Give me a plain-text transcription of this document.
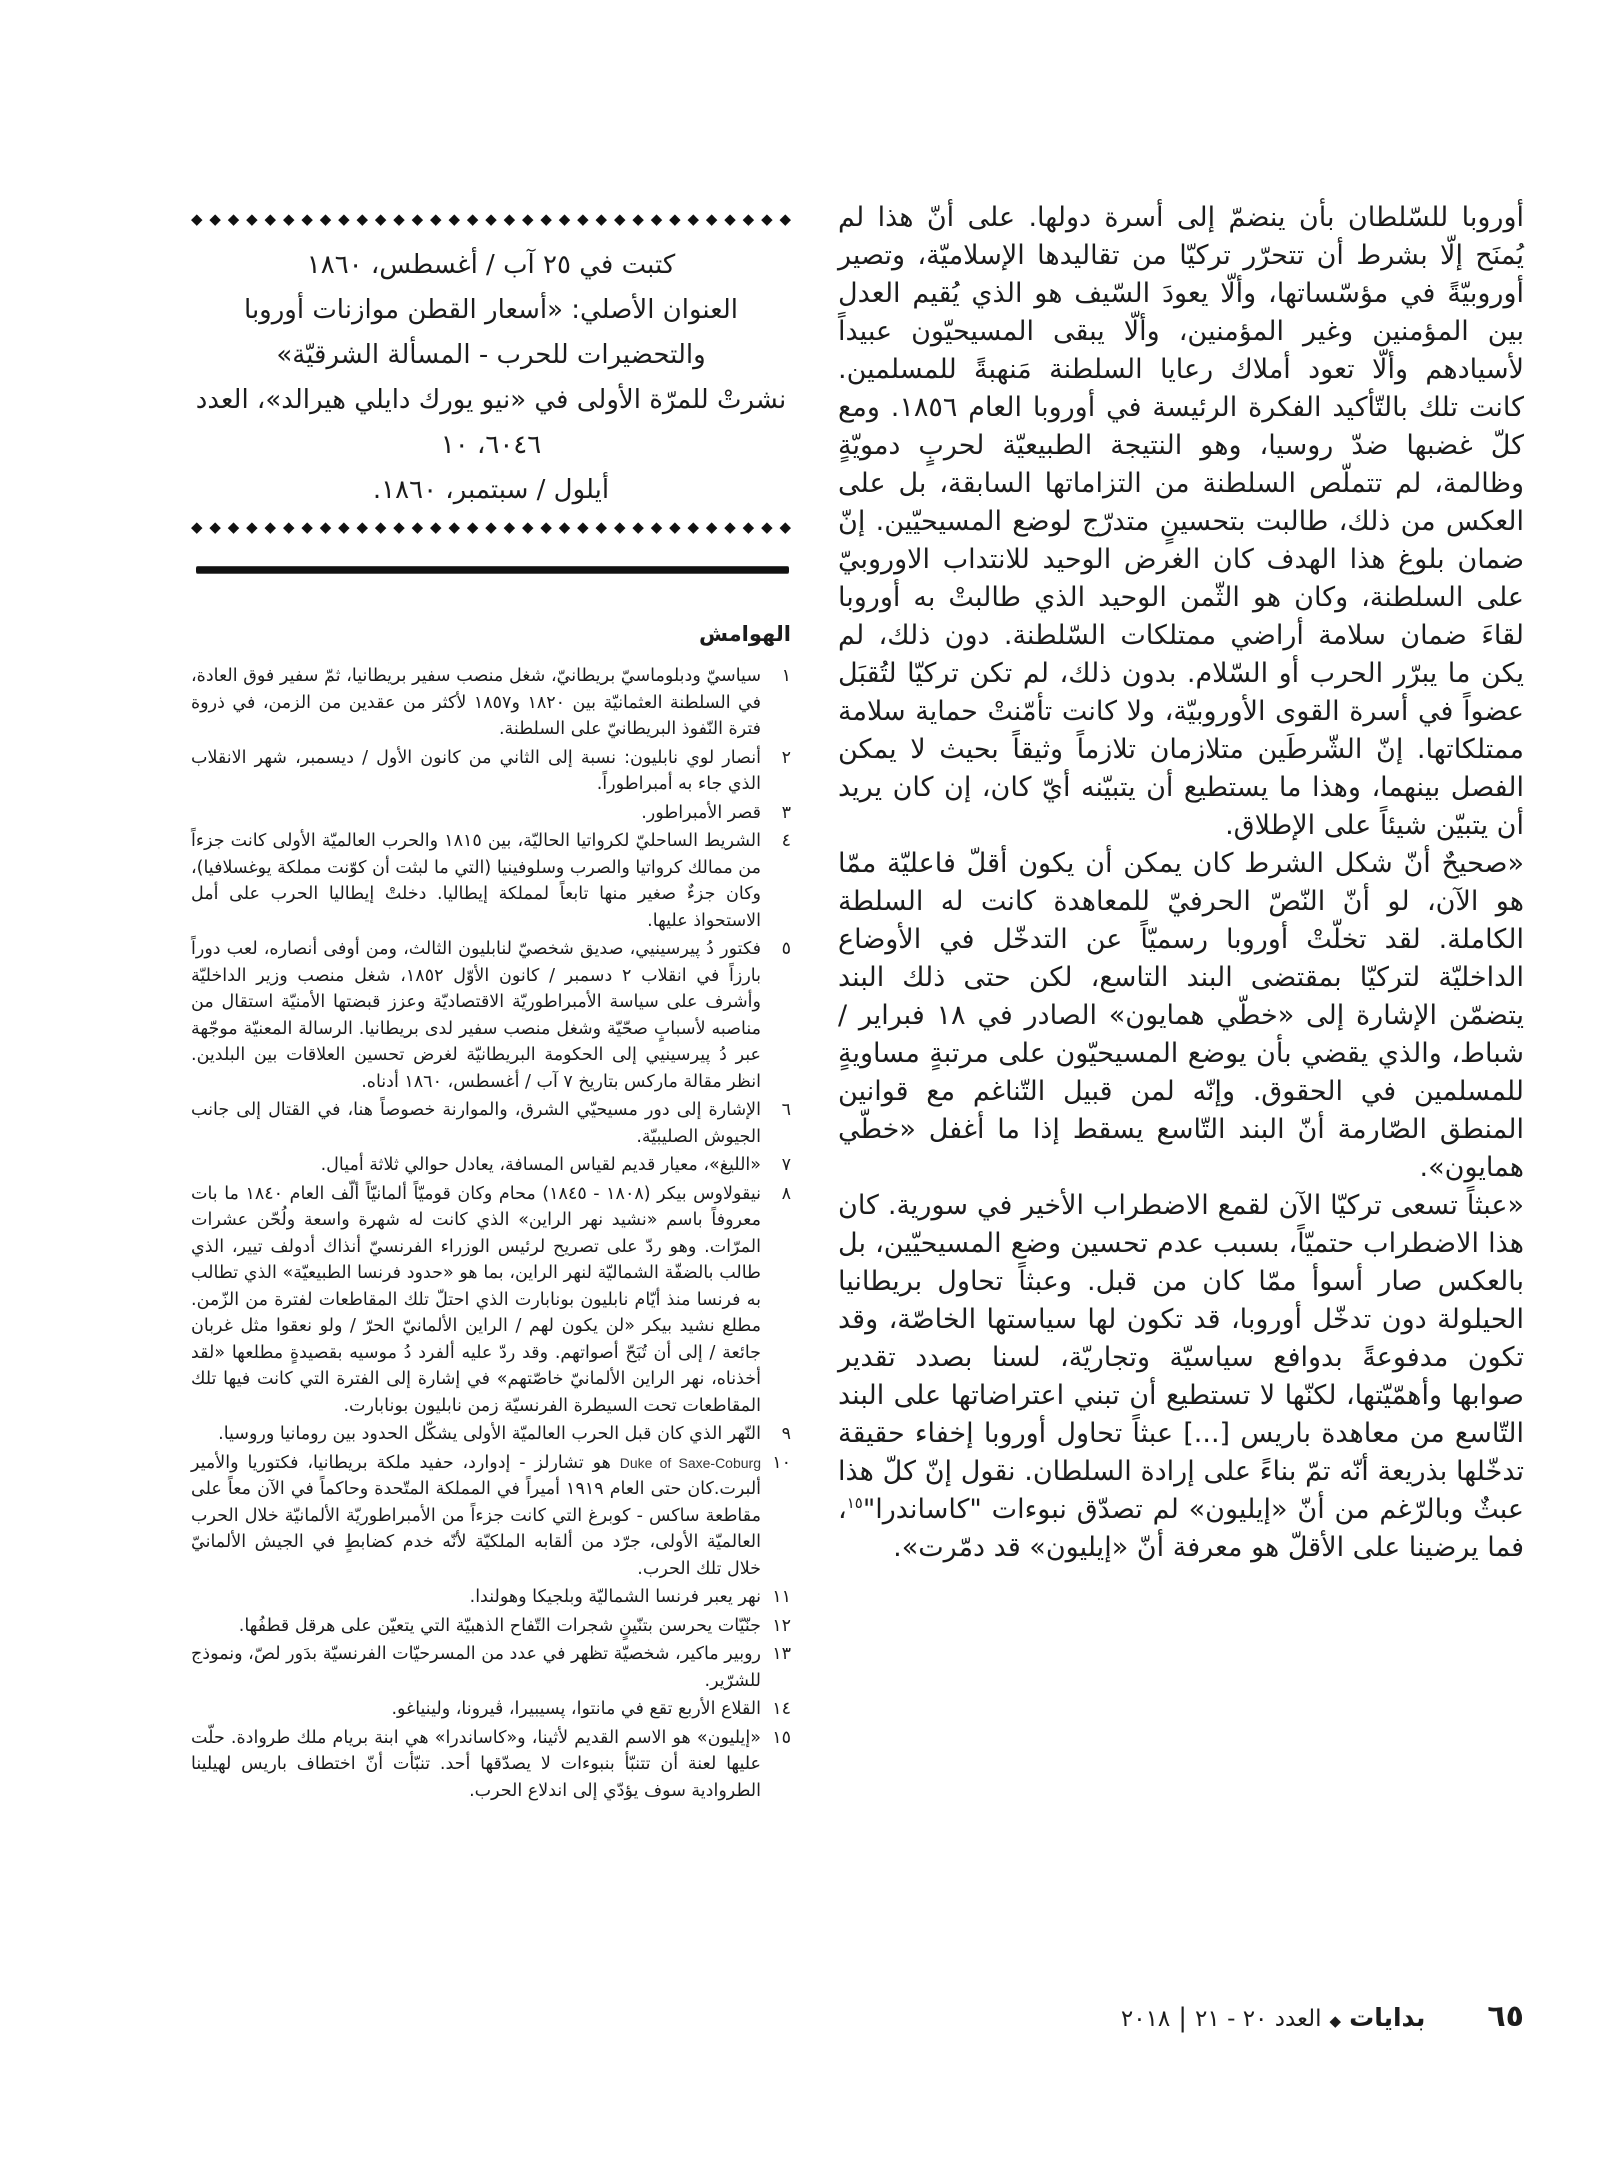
أوروبا للسّلطان بأن ينضمّ إلى أسرة دولها. على أنّ هذا لم يُمنَح إلّا بشرط أن تتحرّر تركيّا من تقاليدها الإسلاميّة، وتصير أوروبيّةً في مؤسّساتها، وألّا يعودَ السّيف هو الذي يُقيم العدل بين المؤمنين وغير المؤمنين، وألّا يبقى المسيحيّون عبيداً لأسيادهم وألّا تعود أملاك رعايا السلطنة مَنهبةً للمسلمين. كانت تلك بالتّأكيد الفكرة الرئيسة في أوروبا العام ١٨٥٦. ومع كلّ غضبها ضدّ روسيا، وهو النتيجة الطبيعيّة لحربٍ دمويّةٍ وظالمة، لم تتملّص السلطنة من التزاماتها السابقة، بل على العكس من ذلك، طالبت بتحسينٍ متدرّج لوضع المسيحيّين. إنّ ضمان بلوغ هذا الهدف كان الغرض الوحيد للانتداب الاوروبيّ على السلطنة، وكان هو الثّمن الوحيد الذي طالبتْ به أوروبا لقاءَ ضمان سلامة أراضي ممتلكات السّلطنة. دون ذلك، لم يكن ما يبرّر الحرب أو السّلام. بدون ذلك، لم تكن تركيّا لتُقبَل عضواً في أسرة القوى الأوروبيّة، ولا كانت تأمّنتْ حماية سلامة ممتلكاتها. إنّ الشّرطَين متلازمان تلازماً وثيقاً بحيث لا يمكن الفصل بينهما، وهذا ما يستطيع أن يتبيّنه أيّ كان، إن كان يريد أن يتبيّن شيئاً على الإطلاق.

«صحيحٌ أنّ شكل الشرط كان يمكن أن يكون أقلّ فاعليّة ممّا هو الآن، لو أنّ النّصّ الحرفيّ للمعاهدة كانت له السلطة الكاملة. لقد تخلّتْ أوروبا رسميّاً عن التدخّل في الأوضاع الداخليّة لتركيّا بمقتضى البند التاسع، لكن حتى ذلك البند يتضمّن الإشارة إلى «خطّي همايون» الصادر في ١٨ فبراير / شباط، والذي يقضي بأن يوضع المسيحيّون على مرتبةٍ مساويةٍ للمسلمين في الحقوق. وإنّه لمن قبيل التّناغم مع قوانين المنطق الصّارمة أنّ البند التّاسع يسقط إذا ما أغفل «خطّي همايون».

«عبثاً تسعى تركيّا الآن لقمع الاضطراب الأخير في سورية. كان هذا الاضطراب حتميّاً، بسبب عدم تحسين وضع المسيحيّين، بل بالعكس صار أسوأ ممّا كان من قبل. وعبثاً تحاول بريطانيا الحيلولة دون تدخّل أوروبا، قد تكون لها سياستها الخاصّة، وقد تكون مدفوعةً بدوافع سياسيّة وتجاريّة، لسنا بصدد تقدير صوابها وأهمّيّتها، لكنّها لا تستطيع أن تبني اعتراضاتها على البند التّاسع من معاهدة باريس [...] عبثاً تحاول أوروبا إخفاء حقيقة تدخّلها بذريعة أنّه تمّ بناءً على إرادة السلطان. نقول إنّ كلّ هذا عبثٌ وبالرّغم من أنّ «إيليون» لم تصدّق نبوءات "كاساندرا"$^{١٥}$، فما يرضينا على الأقلّ هو معرفة أنّ «إيليون» قد دمّرت».

◆ ◆ ◆ ◆ ◆ ◆ ◆ ◆ ◆ ◆ ◆ ◆ ◆ ◆ ◆ ◆ ◆ ◆ ◆ ◆ ◆ ◆ ◆ ◆ ◆ ◆ ◆ ◆ ◆ ◆ ◆ ◆ ◆
كتبت في ٢٥ آب / أغسطس، ١٨٦٠
العنوان الأصلي: «أسعار القطن موازنات أوروبا
والتحضيرات للحرب - المسألة الشرقيّة»
نشرتْ للمرّة الأولى في «نيو يورك دايلي هيرالد»، العدد
٦٠٤٦، ١٠
أيلول / سبتمبر، ١٨٦٠.
◆ ◆ ◆ ◆ ◆ ◆ ◆ ◆ ◆ ◆ ◆ ◆ ◆ ◆ ◆ ◆ ◆ ◆ ◆ ◆ ◆ ◆ ◆ ◆ ◆ ◆ ◆ ◆ ◆ ◆ ◆ ◆ ◆
الهوامش
١
سياسيّ ودبلوماسيّ بريطانيّ، شغل منصب سفير بريطانيا، ثمّ سفير فوق العادة، في السلطنة العثمانيّة بين ١٨٢٠ و١٨٥٧ لأكثر من عقدين من الزمن، في ذروة فترة النّفوذ البريطانيّ على السلطنة.
٢
أنصار لوي نابليون: نسبة إلى الثاني من كانون الأول / ديسمبر، شهر الانقلاب الذي جاء به أمبراطوراً.
٣
قصر الأمبراطور.
٤
الشريط الساحليّ لكرواتيا الحاليّة، بين ١٨١٥ والحرب العالميّة الأولى كانت جزءاً من ممالك كرواتيا والصرب وسلوفينيا (التي ما لبثت أن كوّنت مملكة يوغسلافيا)، وكان جزءٌ صغير منها تابعاً لمملكة إيطاليا. دخلتْ إيطاليا الحرب على أمل الاستحواذ عليها.
٥
فكتور دُ پيرسينيي، صديق شخصيّ لنابليون الثالث، ومن أوفى أنصاره، لعب دوراً بارزاً في انقلاب ٢ دسمبر / كانون الأوّل ١٨٥٢، شغل منصب وزير الداخليّة وأشرف على سياسة الأمبراطوريّة الاقتصاديّة وعزز قبضتها الأمنيّة استقال من مناصبه لأسبابٍ صحّيّة وشغل منصب سفير لدى بريطانيا. الرسالة المعنيّة موجّهة عبر دُ پيرسينيي إلى الحكومة البريطانيّة لغرض تحسين العلاقات بين البلدين. انظر مقالة ماركس بتاريخ ٧ آب / أغسطس، ١٨٦٠ أدناه.
٦
الإشارة إلى دور مسيحيّي الشرق، والموارنة خصوصاً هنا، في القتال إلى جانب الجيوش الصليبيّة.
٧
«الليغ»، معيار قديم لقياس المسافة، يعادل حوالي ثلاثة أميال.
٨
نيقولاوس بيكر (١٨٠٨ - ١٨٤٥) محام وكان قوميّاً ألمانيّاً ألّف العام ١٨٤٠ ما بات معروفاً باسم «نشيد نهر الراين» الذي كانت له شهرة واسعة ولُحّن عشرات المرّات. وهو ردّ على تصريح لرئيس الوزراء الفرنسيّ أنذاك أدولف تيير، الذي طالب بالضفّة الشماليّة لنهر الراين، بما هو «حدود فرنسا الطبيعيّة» الذي تطالب به فرنسا منذ أيّام نابليون بونابارت الذي احتلّ تلك المقاطعات لفترة من الزّمن. مطلع نشيد بيكر «لن يكون لهم / الراين الألمانيّ الحرّ / ولو نعقوا مثل غربان جائعة / إلى أن تُبَحّ أصواتهم. وقد ردّ عليه ألفرد دُ موسيه بقصيدةٍ مطلعها «لقد أخذناه، نهر الراين الألمانيّ خاصّتهم» في إشارة إلى الفترة التي كانت فيها تلك المقاطعات تحت السيطرة الفرنسيّة زمن نابليون بونابارت.
٩
النّهر الذي كان قبل الحرب العالميّة الأولى يشكّل الحدود بين رومانيا وروسيا.
١٠
Duke of Saxe-Coburg هو تشارلز - إدوارد، حفيد ملكة بريطانيا، فكتوريا والأمير ألبرت.كان حتى العام ١٩١٩ أميراً في المملكة المتّحدة وحاكماً في الآن معاً على مقاطعة ساكس - كوبرغ التي كانت جزءاً من الأمبراطوريّة الألمانيّة خلال الحرب العالميّة الأولى، جرّد من ألقابه الملكيّة لأنّه خدم كضابطٍ في الجيش الألمانيّ خلال تلك الحرب.
١١
نهر يعبر فرنسا الشماليّة وبلجيكا وهولندا.
١٢
جنّيّات يحرسن بتنّينٍ شجرات التّفاح الذهبيّة التي يتعيّن على هرقل قطفُها.
١٣
روبير ماكير، شخصيّة تظهر في عدد من المسرحيّات الفرنسيّة بدَور لصّ، ونموذج للشرّير.
١٤
القلاع الأربع تقع في مانتوا، پسيبيرا، ڤيرونا، ولينياغو.
١٥
«إيليون» هو الاسم القديم لأثينا، و«كاساندرا» هي ابنة بريام ملك طروادة. حلّت عليها لعنة أن تتنبّأ بنبوءات لا يصدّقها أحد. تنبّأت أنّ اختطاف باريس لهيلينا الطروادية سوف يؤدّي إلى اندلاع الحرب.
٦٥
بدايات
◆
العدد ٢٠ - ٢١
|
٢٠١٨
